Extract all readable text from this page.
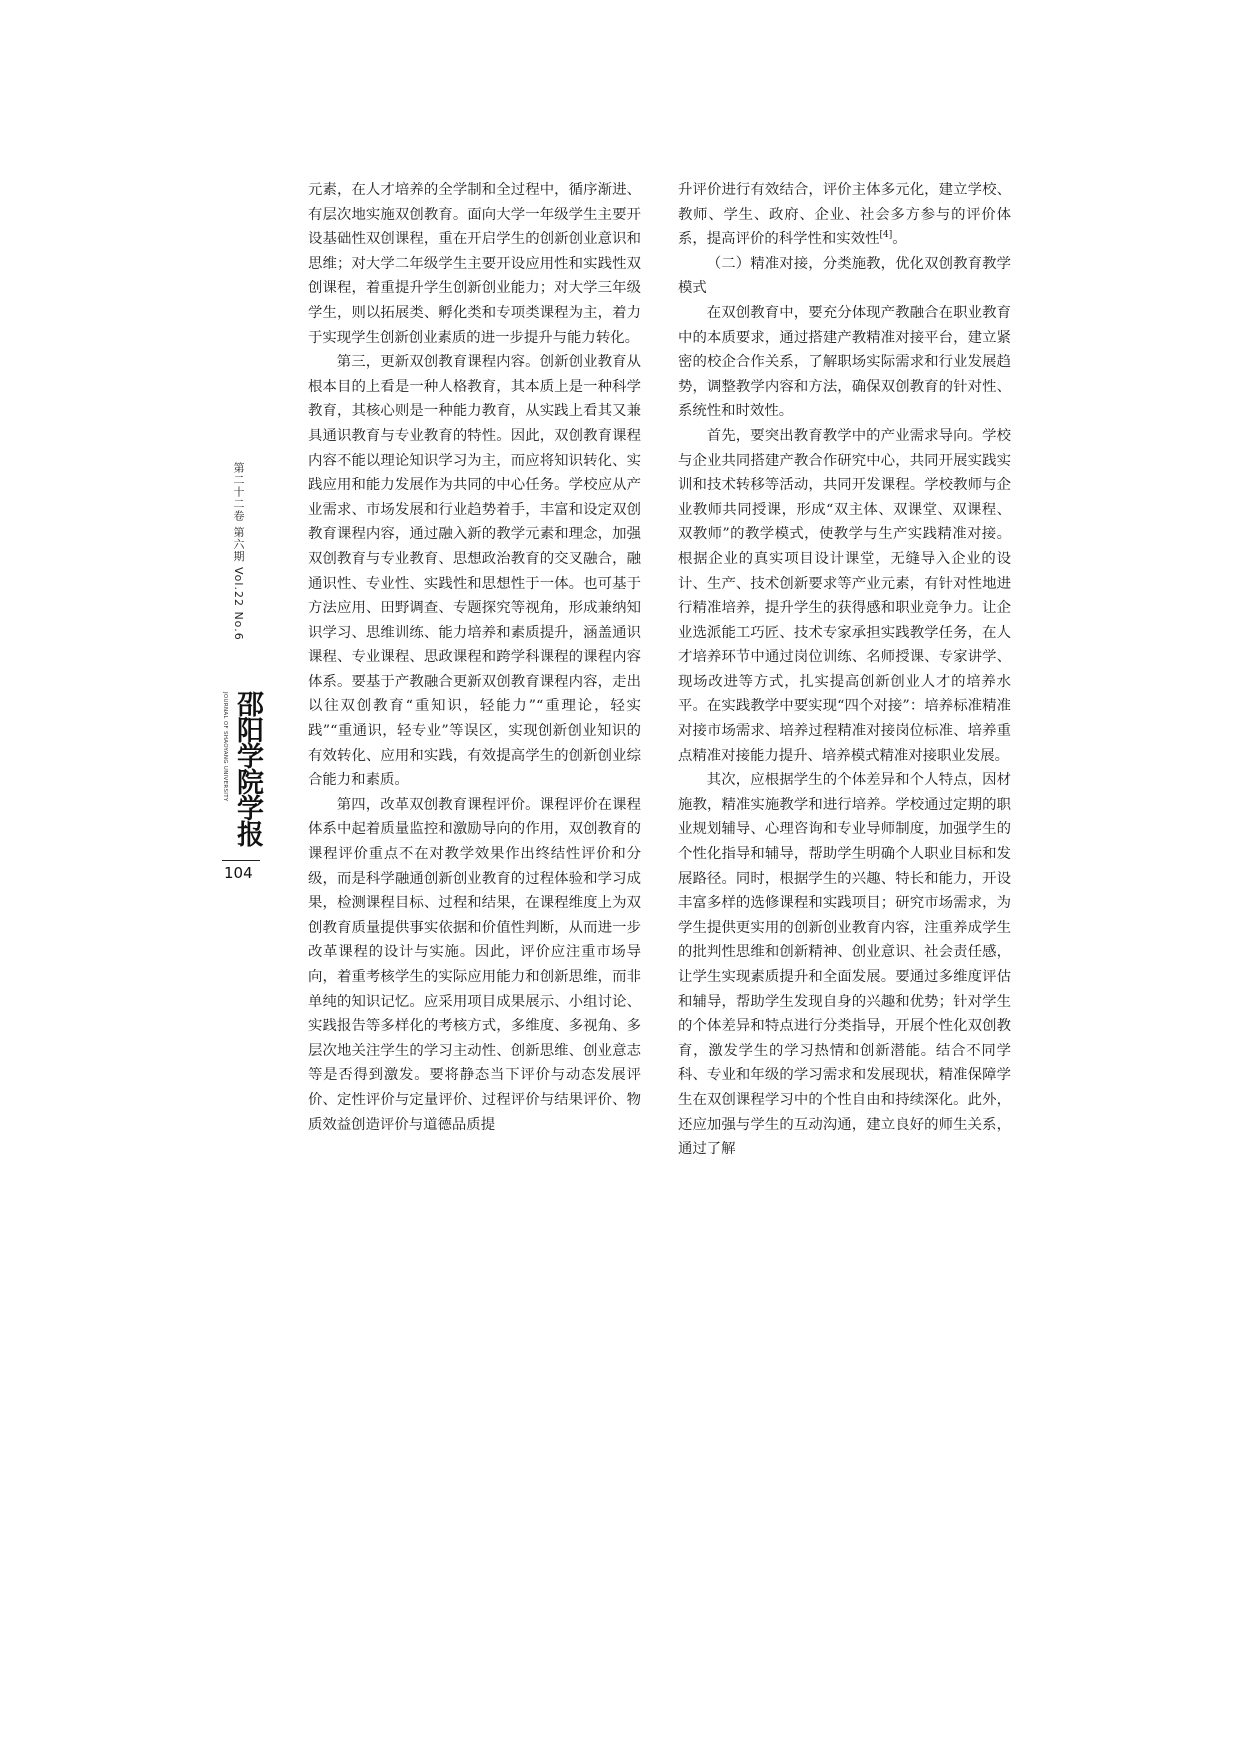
第二十二卷 第六期 Vol.22 No.6
JOURNAL OF SHAOYANG UNIVERSITY 邵阳学院学报
104

元素，在人才培养的全学制和全过程中，循序渐进、有层次地实施双创教育。面向大学一年级学生主要开设基础性双创课程，重在开启学生的创新创业意识和思维；对大学二年级学生主要开设应用性和实践性双创课程，着重提升学生创新创业能力；对大学三年级学生，则以拓展类、孵化类和专项类课程为主，着力于实现学生创新创业素质的进一步提升与能力转化。

第三，更新双创教育课程内容。创新创业教育从根本目的上看是一种人格教育，其本质上是一种科学教育，其核心则是一种能力教育，从实践上看其又兼具通识教育与专业教育的特性。因此，双创教育课程内容不能以理论知识学习为主，而应将知识转化、实践应用和能力发展作为共同的中心任务。学校应从产业需求、市场发展和行业趋势着手，丰富和设定双创教育课程内容，通过融入新的教学元素和理念，加强双创教育与专业教育、思想政治教育的交叉融合，融通识性、专业性、实践性和思想性于一体。也可基于方法应用、田野调查、专题探究等视角，形成兼纳知识学习、思维训练、能力培养和素质提升，涵盖通识课程、专业课程、思政课程和跨学科课程的课程内容体系。要基于产教融合更新双创教育课程内容，走出以往双创教育“重知识，轻能力”“重理论，轻实践”“重通识，轻专业”等误区，实现创新创业知识的有效转化、应用和实践，有效提高学生的创新创业综合能力和素质。

第四，改革双创教育课程评价。课程评价在课程体系中起着质量监控和激励导向的作用，双创教育的课程评价重点不在对教学效果作出终结性评价和分级，而是科学融通创新创业教育的过程体验和学习成果，检测课程目标、过程和结果，在课程维度上为双创教育质量提供事实依据和价值性判断，从而进一步改革课程的设计与实施。因此，评价应注重市场导向，着重考核学生的实际应用能力和创新思维，而非单纯的知识记忆。应采用项目成果展示、小组讨论、实践报告等多样化的考核方式，多维度、多视角、多层次地关注学生的学习主动性、创新思维、创业意志等是否得到激发。要将静态当下评价与动态发展评价、定性评价与定量评价、过程评价与结果评价、物质效益创造评价与道德品质提

升评价进行有效结合，评价主体多元化，建立学校、教师、学生、政府、企业、社会多方参与的评价体系，提高评价的科学性和实效性[4]。

（二）精准对接，分类施教，优化双创教育教学模式

在双创教育中，要充分体现产教融合在职业教育中的本质要求，通过搭建产教精准对接平台，建立紧密的校企合作关系，了解职场实际需求和行业发展趋势，调整教学内容和方法，确保双创教育的针对性、系统性和时效性。

首先，要突出教育教学中的产业需求导向。学校与企业共同搭建产教合作研究中心，共同开展实践实训和技术转移等活动，共同开发课程。学校教师与企业教师共同授课，形成“双主体、双课堂、双课程、双教师”的教学模式，使教学与生产实践精准对接。根据企业的真实项目设计课堂，无缝导入企业的设计、生产、技术创新要求等产业元素，有针对性地进行精准培养，提升学生的获得感和职业竞争力。让企业选派能工巧匠、技术专家承担实践教学任务，在人才培养环节中通过岗位训练、名师授课、专家讲学、现场改进等方式，扎实提高创新创业人才的培养水平。在实践教学中要实现“四个对接”：培养标准精准对接市场需求、培养过程精准对接岗位标准、培养重点精准对接能力提升、培养模式精准对接职业发展。

其次，应根据学生的个体差异和个人特点，因材施教，精准实施教学和进行培养。学校通过定期的职业规划辅导、心理咨询和专业导师制度，加强学生的个性化指导和辅导，帮助学生明确个人职业目标和发展路径。同时，根据学生的兴趣、特长和能力，开设丰富多样的选修课程和实践项目；研究市场需求，为学生提供更实用的创新创业教育内容，注重养成学生的批判性思维和创新精神、创业意识、社会责任感，让学生实现素质提升和全面发展。要通过多维度评估和辅导，帮助学生发现自身的兴趣和优势；针对学生的个体差异和特点进行分类指导，开展个性化双创教育，激发学生的学习热情和创新潜能。结合不同学科、专业和年级的学习需求和发展现状，精准保障学生在双创课程学习中的个性自由和持续深化。此外，还应加强与学生的互动沟通，建立良好的师生关系，通过了解
